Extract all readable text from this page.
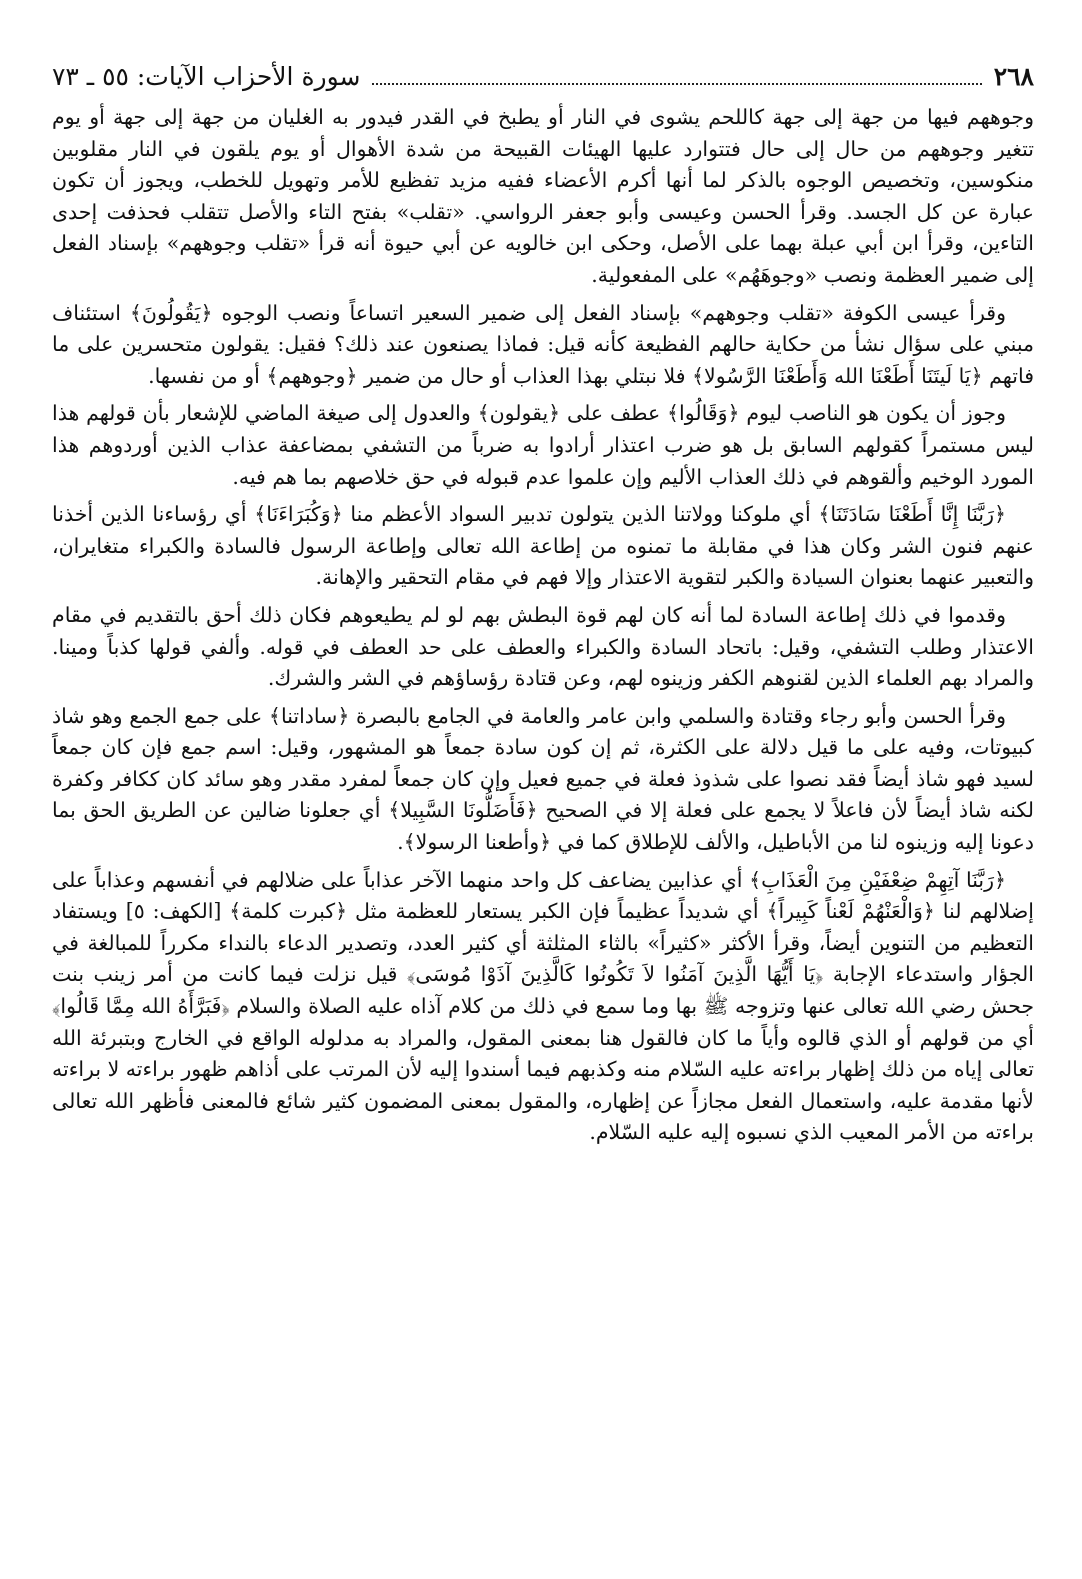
٢٦٨
سورة الأحزاب الآيات: ٥٥ ـ ٧٣

وجوههم فيها من جهة إلى جهة كاللحم يشوى في النار أو يطبخ في القدر فيدور به الغليان من جهة إلى جهة أو يوم تتغير وجوههم من حال إلى حال فتتوارد عليها الهيئات القبيحة من شدة الأهوال أو يوم يلقون في النار مقلوبين منكوسين، وتخصيص الوجوه بالذكر لما أنها أكرم الأعضاء ففيه مزيد تفظيع للأمر وتهويل للخطب، ويجوز أن تكون عبارة عن كل الجسد. وقرأ الحسن وعيسى وأبو جعفر الرواسي. «تقلب» بفتح التاء والأصل تتقلب فحذفت إحدى التاءين، وقرأ ابن أبي عبلة بهما على الأصل، وحكى ابن خالويه عن أبي حيوة أنه قرأ «تقلب وجوههم» بإسناد الفعل إلى ضمير العظمة ونصب «وجوهَهُم» على المفعولية.

وقرأ عيسى الكوفة «تقلب وجوههم» بإسناد الفعل إلى ضمير السعير اتساعاً ونصب الوجوه ﴿يَقُولُونَ﴾ استئناف مبني على سؤال نشأ من حكاية حالهم الفظيعة كأنه قيل: فماذا يصنعون عند ذلك؟ فقيل: يقولون متحسرين على ما فاتهم ﴿يَا لَيتَنَا أَطَعْنَا الله وَأَطَعْنَا الرَّسُولا﴾ فلا نبتلي بهذا العذاب أو حال من ضمير ﴿وجوههم﴾ أو من نفسها.

وجوز أن يكون هو الناصب ليوم ﴿وَقَالُوا﴾ عطف على ﴿يقولون﴾ والعدول إلى صيغة الماضي للإشعار بأن قولهم هذا ليس مستمراً كقولهم السابق بل هو ضرب اعتذار أرادوا به ضرباً من التشفي بمضاعفة عذاب الذين أوردوهم هذا المورد الوخيم وألقوهم في ذلك العذاب الأليم وإن علموا عدم قبوله في حق خلاصهم بما هم فيه.

﴿رَبَّنَا إِنَّا أَطَعْنَا سَادَتَنَا﴾ أي ملوكنا وولاتنا الذين يتولون تدبير السواد الأعظم منا ﴿وَكُبَرَاءَنَا﴾ أي رؤساءنا الذين أخذنا عنهم فنون الشر وكان هذا في مقابلة ما تمنوه من إطاعة الله تعالى وإطاعة الرسول فالسادة والكبراء متغايران، والتعبير عنهما بعنوان السيادة والكبر لتقوية الاعتذار وإلا فهم في مقام التحقير والإهانة.

وقدموا في ذلك إطاعة السادة لما أنه كان لهم قوة البطش بهم لو لم يطيعوهم فكان ذلك أحق بالتقديم في مقام الاعتذار وطلب التشفي، وقيل: باتحاد السادة والكبراء والعطف على حد العطف في قوله. وألفي قولها كذباً ومينا. والمراد بهم العلماء الذين لقنوهم الكفر وزينوه لهم، وعن قتادة رؤساؤهم في الشر والشرك.

وقرأ الحسن وأبو رجاء وقتادة والسلمي وابن عامر والعامة في الجامع بالبصرة ﴿ساداتنا﴾ على جمع الجمع وهو شاذ كبيوتات، وفيه على ما قيل دلالة على الكثرة، ثم إن كون سادة جمعاً هو المشهور، وقيل: اسم جمع فإن كان جمعاً لسيد فهو شاذ أيضاً فقد نصوا على شذوذ فعلة في جميع فعيل وإن كان جمعاً لمفرد مقدر وهو سائد كان ككافر وكفرة لكنه شاذ أيضاً لأن فاعلاً لا يجمع على فعلة إلا في الصحيح ﴿فَأَضَلُّونَا السَّبِيلا﴾ أي جعلونا ضالين عن الطريق الحق بما دعونا إليه وزينوه لنا من الأباطيل، والألف للإطلاق كما في ﴿وأطعنا الرسولا﴾.

﴿رَبَّنَا آتِهِمْ ضِعْفَيْنِ مِنَ الْعَذَابِ﴾ أي عذابين يضاعف كل واحد منهما الآخر عذاباً على ضلالهم في أنفسهم وعذاباً على إضلالهم لنا ﴿وَالْعَنْهُمْ لَعْناً كَبِيراً﴾ أي شديداً عظيماً فإن الكبر يستعار للعظمة مثل ﴿كبرت كلمة﴾ [الكهف: ٥] ويستفاد التعظيم من التنوين أيضاً، وقرأ الأكثر «كثيراً» بالثاء المثلثة أي كثير العدد، وتصدير الدعاء بالنداء مكرراً للمبالغة في الجؤار واستدعاء الإجابة ﴿يَا أَيُّهَا الَّذِينَ آمَنُوا لاَ تَكُونُوا كَالَّذِينَ آذَوْا مُوسَى﴾ قيل نزلت فيما كانت من أمر زينب بنت جحش رضي الله تعالى عنها وتزوجه ﷺ بها وما سمع في ذلك من كلام آذاه عليه الصلاة والسلام ﴿فَبَرَّأَهُ الله مِمَّا قَالُوا﴾ أي من قولهم أو الذي قالوه وأياً ما كان فالقول هنا بمعنى المقول، والمراد به مدلوله الواقع في الخارج وبتبرئة الله تعالى إياه من ذلك إظهار براءته عليه السّلام منه وكذبهم فيما أسندوا إليه لأن المرتب على أذاهم ظهور براءته لا براءته لأنها مقدمة عليه، واستعمال الفعل مجازاً عن إظهاره، والمقول بمعنى المضمون كثير شائع فالمعنى فأظهر الله تعالى براءته من الأمر المعيب الذي نسبوه إليه عليه السّلام.
